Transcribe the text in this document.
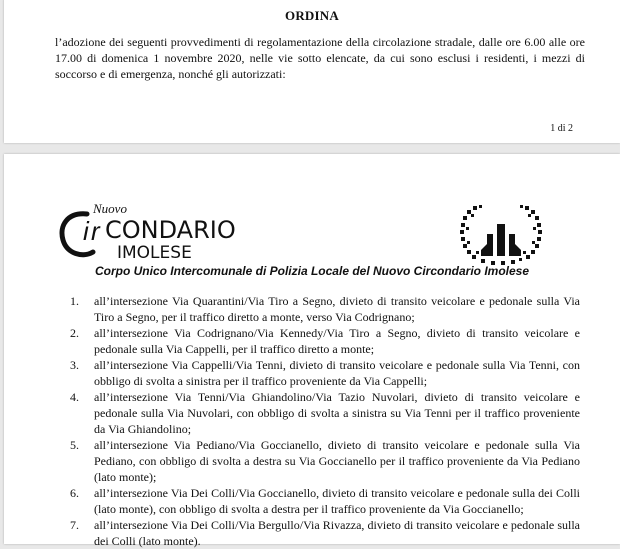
ORDINA

l’adozione dei seguenti provvedimenti di regolamentazione della circolazione stradale, dalle ore 6.00 alle ore 17.00 di domenica 1 novembre 2020, nelle vie sotto elencate, da cui sono esclusi i residenti, i mezzi di soccorso e di emergenza, nonché gli autorizzati:

1 di 2
Nuovo
i r CONDARIO
IMOLESE
Corpo Unico Intercomunale di Polizia Locale del Nuovo Circondario Imolese
1. all’intersezione Via Quarantini/Via Tiro a Segno, divieto di transito veicolare e pedonale sulla Via Tiro a Segno, per il traffico diretto a monte, verso Via Codrignano;
2. all’intersezione Via Codrignano/Via Kennedy/Via Tiro a Segno, divieto di transito veicolare e pedonale sulla Via Cappelli, per il traffico diretto a monte;
3. all’intersezione Via Cappelli/Via Tenni, divieto di transito veicolare e pedonale sulla Via Tenni, con obbligo di svolta a sinistra per il traffico proveniente da Via Cappelli;
4. all’intersezione Via Tenni/Via Ghiandolino/Via Tazio Nuvolari, divieto di transito veicolare e pedonale sulla Via Nuvolari, con obbligo di svolta a sinistra su Via Tenni per il traffico proveniente da Via Ghiandolino;
5. all’intersezione Via Pediano/Via Goccianello, divieto di transito veicolare e pedonale sulla Via Pediano, con obbligo di svolta a destra su Via Goccianello per il traffico proveniente da Via Pediano (lato monte);
6. all’intersezione Via Dei Colli/Via Goccianello, divieto di transito veicolare e pedonale sulla dei Colli (lato monte), con obbligo di svolta a destra per il traffico proveniente da Via Goccianello;
7. all’intersezione Via Dei Colli/Via Bergullo/Via Rivazza, divieto di transito veicolare e pedonale sulla dei Colli (lato monte).
